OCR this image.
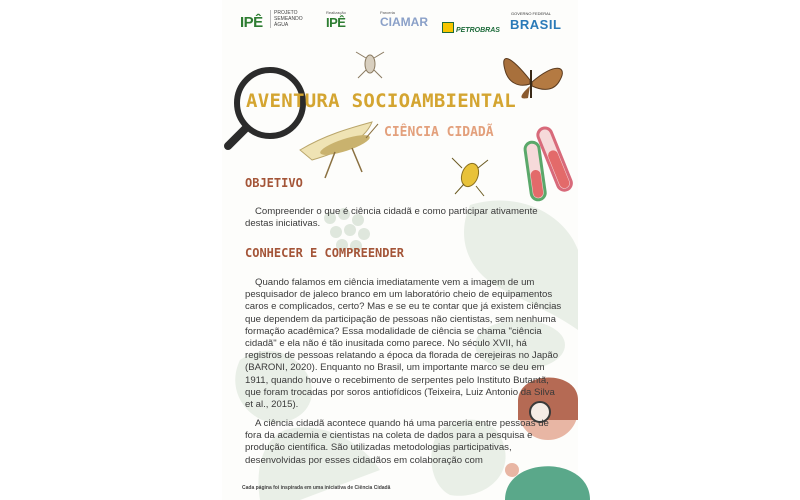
IPÊ
PROJETO
SEMEANDO
ÁGUA
Realização
IPÊ
Parceria
CIAMAR
PETROBRAS
GOVERNO FEDERAL
BRASIL
AVENTURA SOCIOAMBIENTAL
CIÊNCIA CIDADÃ
OBJETIVO
Compreender o que é ciência cidadã e como participar ativamente destas iniciativas.
CONHECER E COMPREENDER
Quando falamos em ciência imediatamente vem a imagem de um pesquisador de jaleco branco em um laboratório cheio de equipamentos caros e complicados, certo? Mas e se eu te contar que já existem ciências que dependem da participação de pessoas não cientistas, sem nenhuma formação acadêmica? Essa modalidade de ciência se chama "ciência cidadã" e ela não é tão inusitada como parece. No século XVII, há registros de pessoas relatando a época da florada de cerejeiras no Japão (BARONI, 2020). Enquanto no Brasil, um importante marco se deu em 1911, quando houve o recebimento de serpentes pelo Instituto Butantã, que foram trocadas por soros antiofídicos (Teixeira, Luiz Antonio da Silva et al., 2015).
A ciência cidadã acontece quando há uma parceria entre pessoas de fora da academia e cientistas na coleta de dados para a pesquisa e produção científica. São utilizadas metodologias participativas, desenvolvidas por esses cidadãos em colaboração com
Cada página foi inspirada em uma iniciativa de Ciência Cidadã
